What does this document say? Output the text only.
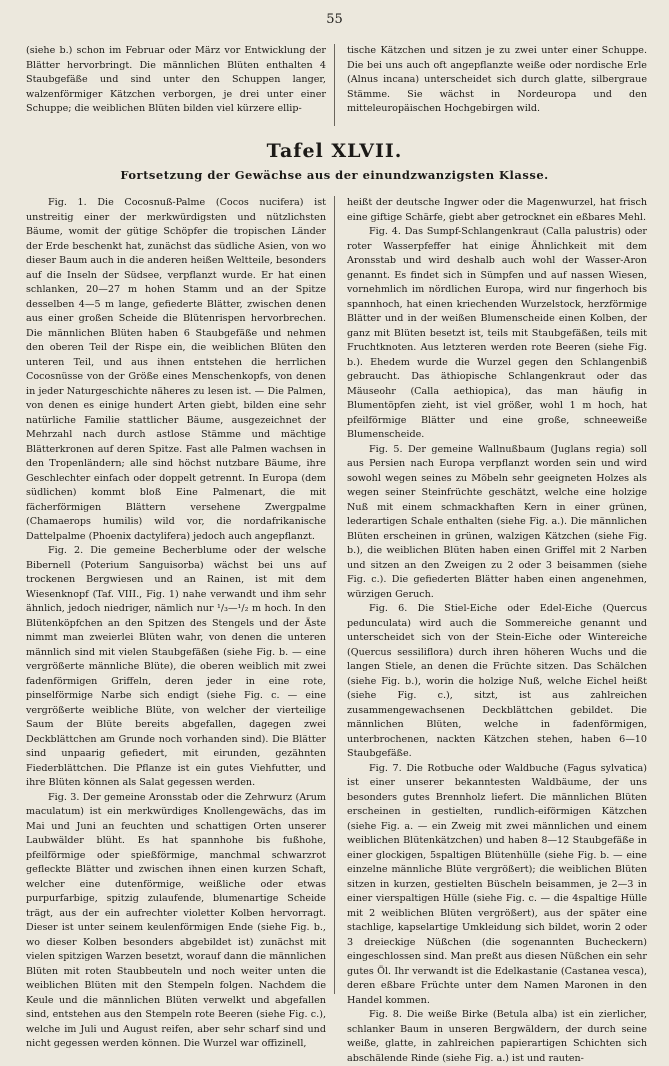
55

(siehe b.) schon im Februar oder März vor Entwicklung der Blätter hervorbringt. Die männlichen Blüten enthalten 4 Staubgefäße und sind unter den Schuppen langer, walzenförmiger Kätzchen verborgen, je drei unter einer Schuppe; die weiblichen Blüten bilden viel kürzere ellip-

tische Kätzchen und sitzen je zu zwei unter einer Schuppe. Die bei uns auch oft angepflanzte weiße oder nordische Erle (Alnus incana) unterscheidet sich durch glatte, silbergraue Stämme. Sie wächst in Nordeuropa und den mitteleuropäischen Hochgebirgen wild.

Tafel XLVII.
Fortsetzung der Gewächse aus der einundzwanzigsten Klasse.

Fig. 1. Die Cocosnuß-Palme (Cocos nucifera) ist unstreitig einer der merkwürdigsten und nützlichsten Bäume, womit der gütige Schöpfer die tropischen Länder der Erde beschenkt hat, zunächst das südliche Asien, von wo dieser Baum auch in die anderen heißen Weltteile, besonders auf die Inseln der Südsee, verpflanzt wurde. Er hat einen schlanken, 20—27 m hohen Stamm und an der Spitze desselben 4—5 m lange, gefiederte Blätter, zwischen denen aus einer großen Scheide die Blütenrispen hervorbrechen. Die männlichen Blüten haben 6 Staubgefäße und nehmen den oberen Teil der Rispe ein, die weiblichen Blüten den unteren Teil, und aus ihnen entstehen die herrlichen Cocosnüsse von der Größe eines Menschenkopfs, von denen in jeder Naturgeschichte näheres zu lesen ist. — Die Palmen, von denen es einige hundert Arten giebt, bilden eine sehr natürliche Familie stattlicher Bäume, ausgezeichnet der Mehrzahl nach durch astlose Stämme und mächtige Blätterkronen auf deren Spitze. Fast alle Palmen wachsen in den Tropenländern; alle sind höchst nutzbare Bäume, ihre Geschlechter einfach oder doppelt getrennt. In Europa (dem südlichen) kommt bloß Eine Palmenart, die mit fächerförmigen Blättern versehene Zwergpalme (Chamaerops humilis) wild vor, die nordafrikanische Dattelpalme (Phoenix dactylifera) jedoch auch angepflanzt.

Fig. 2. Die gemeine Becherblume oder der welsche Bibernell (Poterium Sanguisorba) wächst bei uns auf trockenen Bergwiesen und an Rainen, ist mit dem Wiesenknopf (Taf. VIII., Fig. 1) nahe verwandt und ihm sehr ähnlich, jedoch niedriger, nämlich nur ¹/₃—¹/₂ m hoch. In den Blütenköpfchen an den Spitzen des Stengels und der Äste nimmt man zweierlei Blüten wahr, von denen die unteren männlich sind mit vielen Staubgefäßen (siehe Fig. b. — eine vergrößerte männliche Blüte), die oberen weiblich mit zwei fadenförmigen Griffeln, deren jeder in eine rote, pinselförmige Narbe sich endigt (siehe Fig. c. — eine vergrößerte weibliche Blüte, von welcher der vierteilige Saum der Blüte bereits abgefallen, dagegen zwei Deckblättchen am Grunde noch vorhanden sind). Die Blätter sind unpaarig gefiedert, mit eirunden, gezähnten Fiederblättchen. Die Pflanze ist ein gutes Viehfutter, und ihre Blüten können als Salat gegessen werden.

Fig. 3. Der gemeine Aronsstab oder die Zehrwurz (Arum maculatum) ist ein merkwürdiges Knollengewächs, das im Mai und Juni an feuchten und schattigen Orten unserer Laubwälder blüht. Es hat spannhohe bis fußhohe, pfeilförmige oder spießförmige, manchmal schwarzrot gefleckte Blätter und zwischen ihnen einen kurzen Schaft, welcher eine dutenförmige, weißliche oder etwas purpurfarbige, spitzig zulaufende, blumenartige Scheide trägt, aus der ein aufrechter violetter Kolben hervorragt. Dieser ist unter seinem keulenförmigen Ende (siehe Fig. b., wo dieser Kolben besonders abgebildet ist) zunächst mit vielen spitzigen Warzen besetzt, worauf dann die männlichen Blüten mit roten Staubbeuteln und noch weiter unten die weiblichen Blüten mit den Stempeln folgen. Nachdem die Keule und die männlichen Blüten verwelkt und abgefallen sind, entstehen aus den Stempeln rote Beeren (siehe Fig. c.), welche im Juli und August reifen, aber sehr scharf sind und nicht gegessen werden können. Die Wurzel war offizinell,

heißt der deutsche Ingwer oder die Magenwurzel, hat frisch eine giftige Schärfe, giebt aber getrocknet ein eßbares Mehl.

Fig. 4. Das Sumpf-Schlangenkraut (Calla palustris) oder roter Wasserpfeffer hat einige Ähnlichkeit mit dem Aronsstab und wird deshalb auch wohl der Wasser-Aron genannt. Es findet sich in Sümpfen und auf nassen Wiesen, vornehmlich im nördlichen Europa, wird nur fingerhoch bis spannhoch, hat einen kriechenden Wurzelstock, herzförmige Blätter und in der weißen Blumenscheide einen Kolben, der ganz mit Blüten besetzt ist, teils mit Staubgefäßen, teils mit Fruchtknoten. Aus letzteren werden rote Beeren (siehe Fig. b.). Ehedem wurde die Wurzel gegen den Schlangenbiß gebraucht. Das äthiopische Schlangenkraut oder das Mäuseohr (Calla aethiopica), das man häufig in Blumentöpfen zieht, ist viel größer, wohl 1 m hoch, hat pfeilförmige Blätter und eine große, schneeweiße Blumenscheide.

Fig. 5. Der gemeine Wallnußbaum (Juglans regia) soll aus Persien nach Europa verpflanzt worden sein und wird sowohl wegen seines zu Möbeln sehr geeigneten Holzes als wegen seiner Steinfrüchte geschätzt, welche eine holzige Nuß mit einem schmackhaften Kern in einer grünen, lederartigen Schale enthalten (siehe Fig. a.). Die männlichen Blüten erscheinen in grünen, walzigen Kätzchen (siehe Fig. b.), die weiblichen Blüten haben einen Griffel mit 2 Narben und sitzen an den Zweigen zu 2 oder 3 beisammen (siehe Fig. c.). Die gefiederten Blätter haben einen angenehmen, würzigen Geruch.

Fig. 6. Die Stiel-Eiche oder Edel-Eiche (Quercus pedunculata) wird auch die Sommereiche genannt und unterscheidet sich von der Stein-Eiche oder Wintereiche (Quercus sessiliflora) durch ihren höheren Wuchs und die langen Stiele, an denen die Früchte sitzen. Das Schälchen (siehe Fig. b.), worin die holzige Nuß, welche Eichel heißt (siehe Fig. c.), sitzt, ist aus zahlreichen zusammengewachsenen Deckblättchen gebildet. Die männlichen Blüten, welche in fadenförmigen, unterbrochenen, nackten Kätzchen stehen, haben 6—10 Staubgefäße.

Fig. 7. Die Rotbuche oder Waldbuche (Fagus sylvatica) ist einer unserer bekanntesten Waldbäume, der uns besonders gutes Brennholz liefert. Die männlichen Blüten erscheinen in gestielten, rundlich-eiförmigen Kätzchen (siehe Fig. a. — ein Zweig mit zwei männlichen und einem weiblichen Blütenkätzchen) und haben 8—12 Staubgefäße in einer glockigen, 5spaltigen Blütenhülle (siehe Fig. b. — eine einzelne männliche Blüte vergrößert); die weiblichen Blüten sitzen in kurzen, gestielten Büscheln beisammen, je 2—3 in einer vierspaltigen Hülle (siehe Fig. c. — die 4spaltige Hülle mit 2 weiblichen Blüten vergrößert), aus der später eine stachlige, kapselartige Umkleidung sich bildet, worin 2 oder 3 dreieckige Nüßchen (die sogenannten Bucheckern) eingeschlossen sind. Man preßt aus diesen Nüßchen ein sehr gutes Öl. Ihr verwandt ist die Edelkastanie (Castanea vesca), deren eßbare Früchte unter dem Namen Maronen in den Handel kommen.

Fig. 8. Die weiße Birke (Betula alba) ist ein zierlicher, schlanker Baum in unseren Bergwäldern, der durch seine weiße, glatte, in zahlreichen papierartigen Schichten sich abschälende Rinde (siehe Fig. a.) ist und rauten-
